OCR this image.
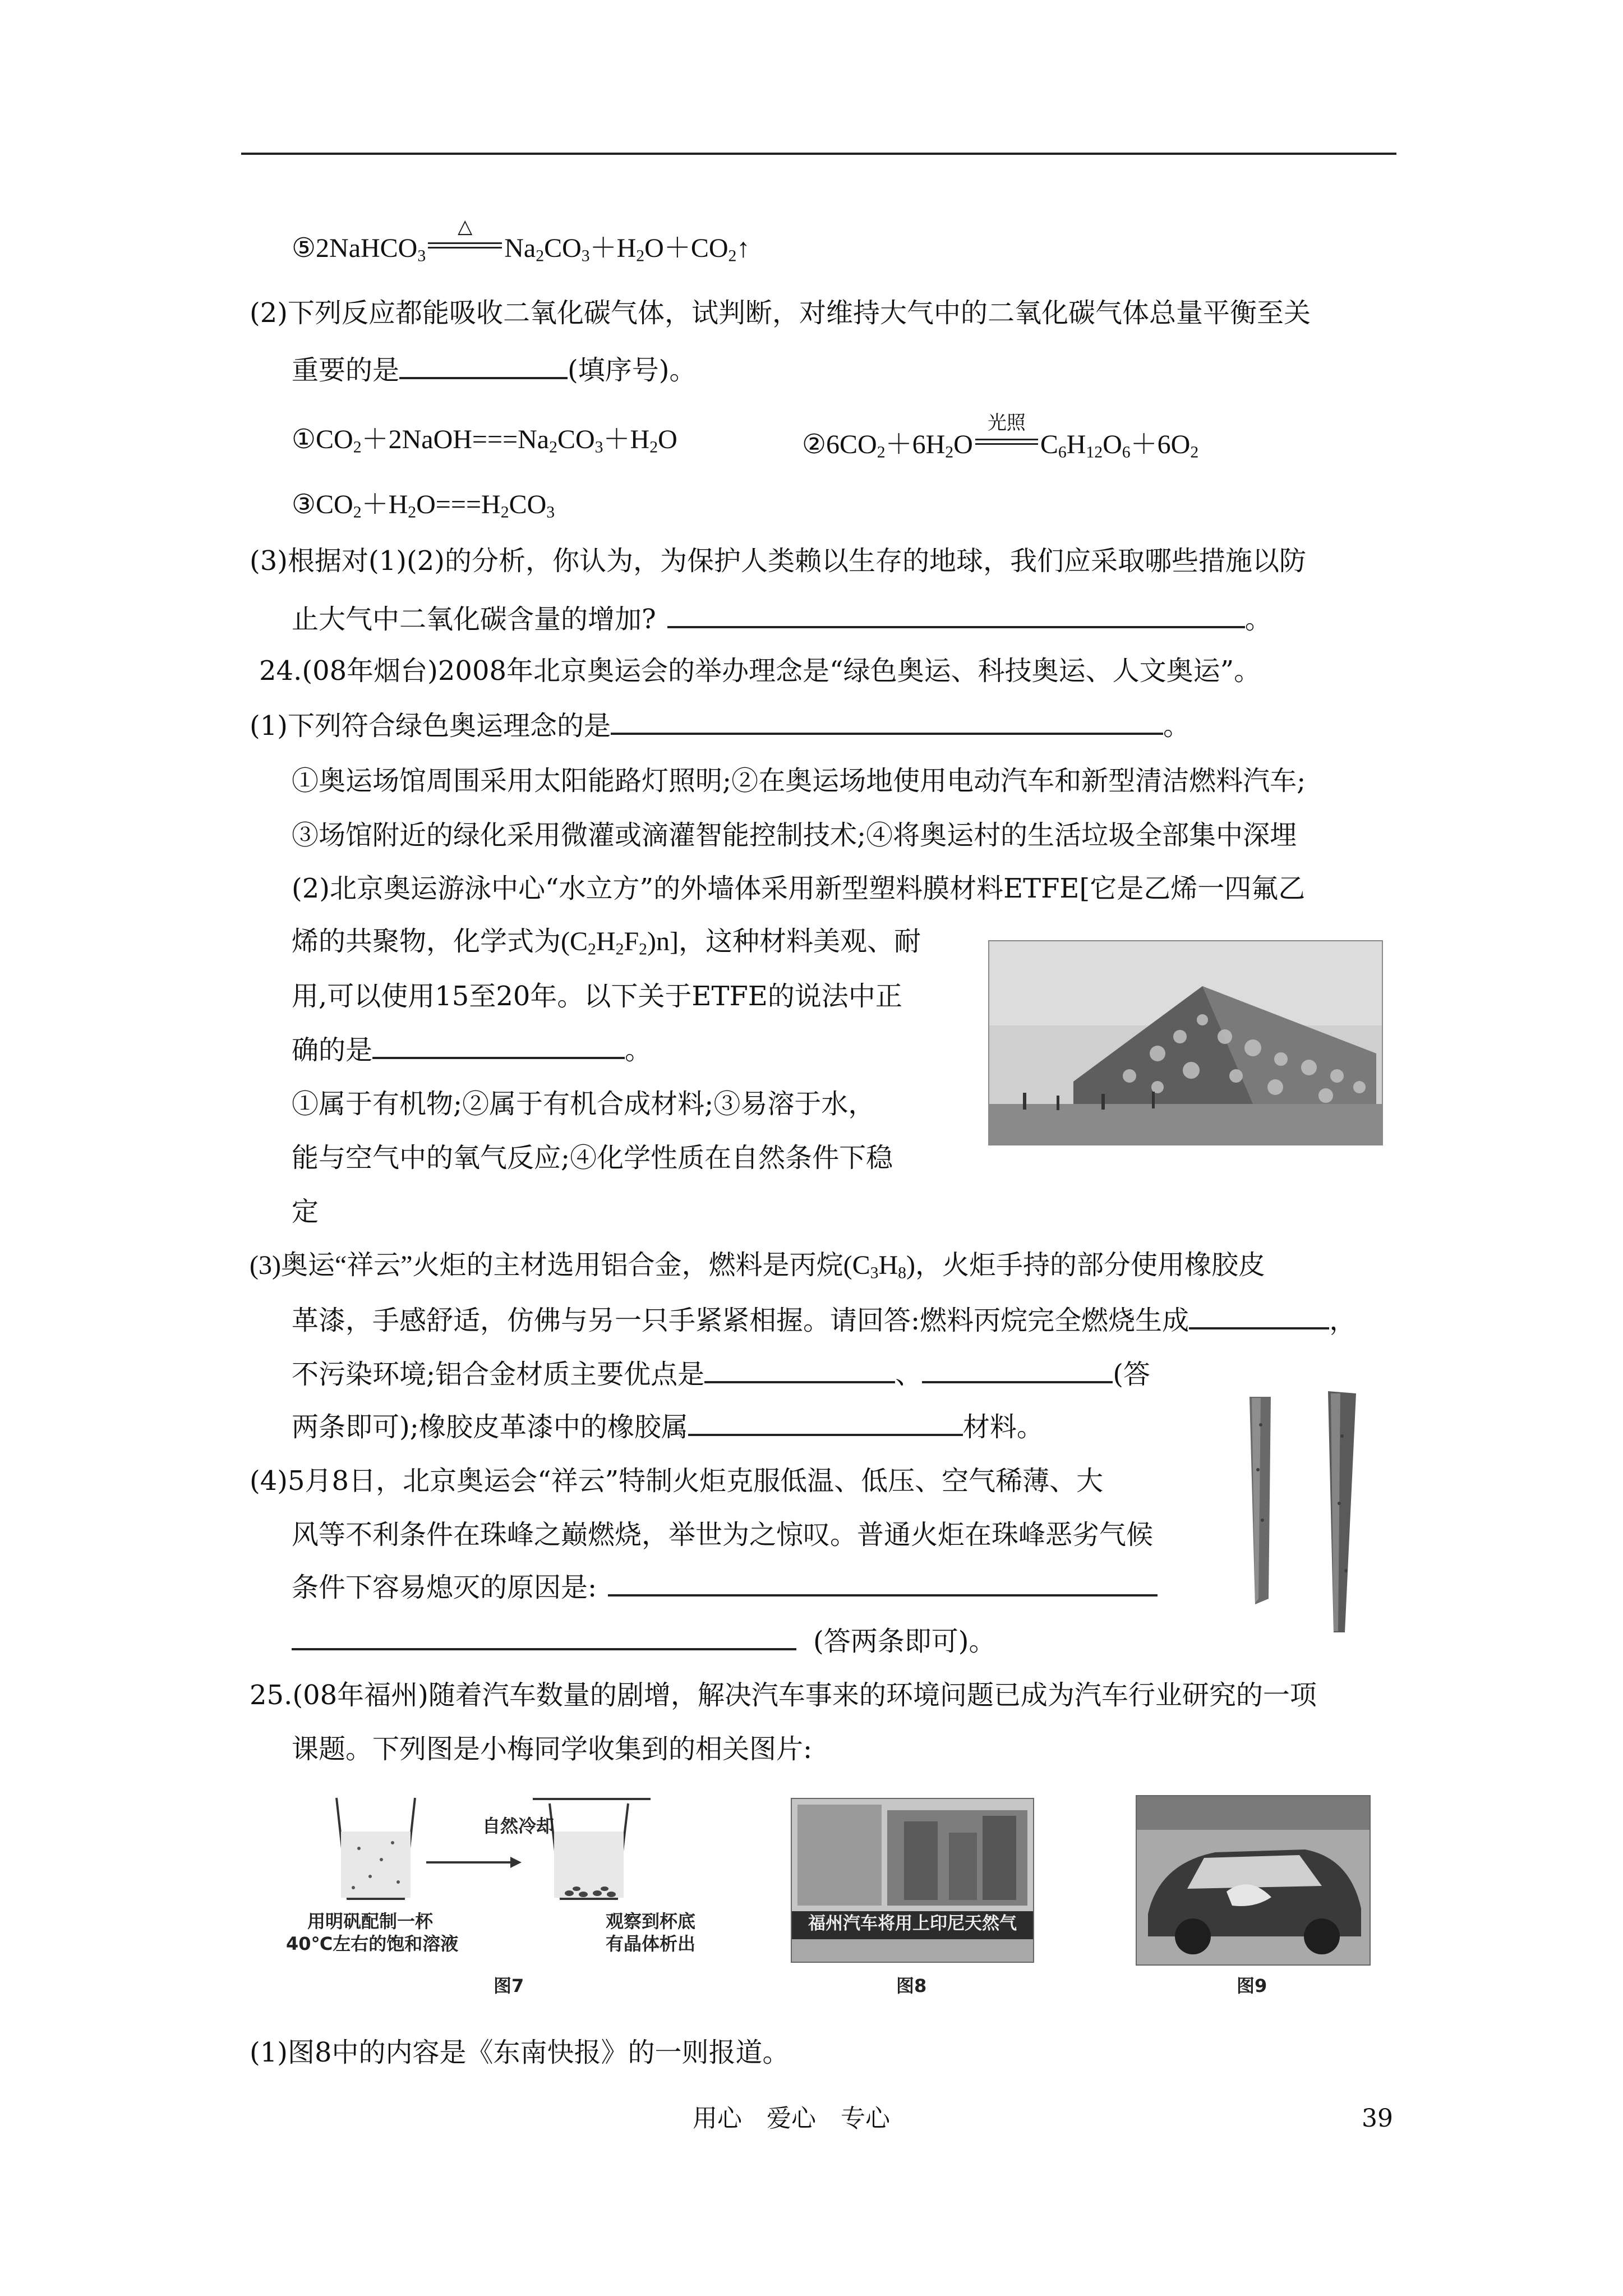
⑤2NaHCO$_3$
△
$Na_2CO_3+H_2O+CO_2↑$
(2)下列反应都能吸收二氧化碳气体，试判断，对维持大气中的二氧化碳气体总量平衡至关
重要的是	(填序号)。
$①CO_2+2NaOH===Na_2CO_3+H_2O$	$②6CO_2+6H_2O$
光照
$C_6H_{12}O_6+6O_2$
$③CO_2+H_2O===H_2CO_3$
(3)根据对(1)(2)的分析，你认为，为保护人类赖以生存的地球，我们应采取哪些措施以防
止大气中二氧化碳含量的增加?	。
24.(08年烟台)2008年北京奥运会的举办理念是“绿色奥运、科技奥运、人文奥运”。
(1)下列符合绿色奥运理念的是	。
①奥运场馆周围采用太阳能路灯照明;②在奥运场地使用电动汽车和新型清洁燃料汽车;
③场馆附近的绿化采用微灌或滴灌智能控制技术;④将奥运村的生活垃圾全部集中深埋
(2)北京奥运游泳中心“水立方”的外墙体采用新型塑料膜材料ETFE[它是乙烯一四氟乙
烯的共聚物，化学式为$(C_2H_2F_2)n$]，这种材料美观、耐
用,可以使用15至20年。以下关于ETFE的说法中正
确的是	。
①属于有机物;②属于有机合成材料;③易溶于水，
能与空气中的氧气反应;④化学性质在自然条件下稳
定
(3)奥运“祥云”火炬的主材选用铝合金，燃料是丙烷$(C_3H_8)$，火炬手持的部分使用橡胶皮
革漆，手感舒适，仿佛与另一只手紧紧相握。请回答:燃料丙烷完全燃烧生成	，
不污染环境;铝合金材质主要优点是	、	(答
两条即可);橡胶皮革漆中的橡胶属	材料。
(4)5月8日，北京奥运会“祥云”特制火炬克服低温、低压、空气稀薄、大
风等不利条件在珠峰之巅燃烧，举世为之惊叹。普通火炬在珠峰恶劣气候
条件下容易熄灭的原因是:
(答两条即可)。
25.(08年福州)随着汽车数量的剧增，解决汽车事来的环境问题已成为汽车行业研究的一项
课题。下列图是小梅同学收集到的相关图片:
自然冷却
用明矾配制一杯
40℃左右的饱和溶液
观察到杯底
有晶体析出
图7
福州汽车将用上印尼天然气
图8	图9
(1)图8中的内容是《东南快报》的一则报道。
用心　爱心　专心	39
